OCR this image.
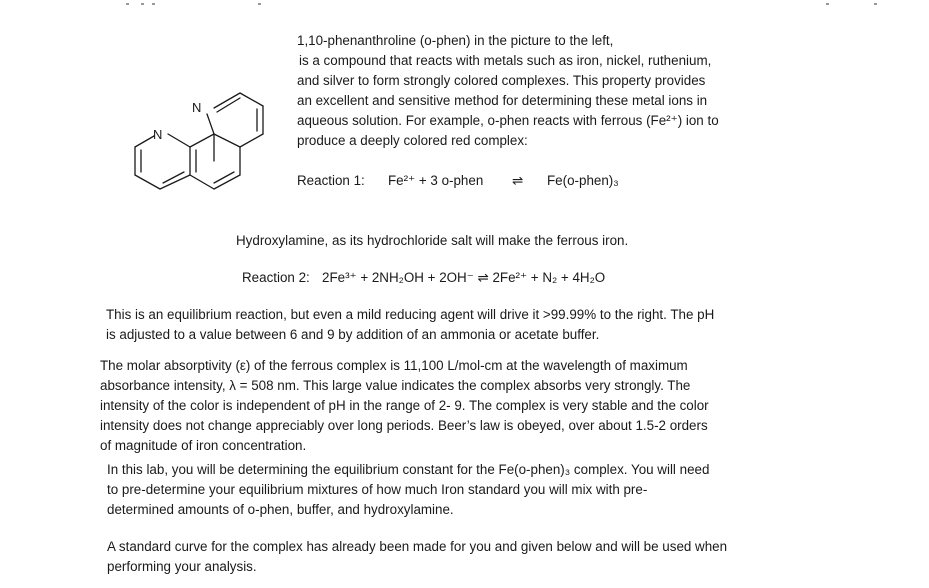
N
N
1,10-phenanthroline (o-phen) in the picture to the left,
is a compound that reacts with metals such as iron, nickel, ruthenium,
and silver to form strongly colored complexes. This property provides
an excellent and sensitive method for determining these metal ions in
aqueous solution. For example, o-phen reacts with ferrous (Fe²⁺) ion to
produce a deeply colored red complex:
Reaction 1: Fe²⁺ + 3 o-phen ⇌ Fe(o-phen)₃

Hydroxylamine, as its hydrochloride salt will make the ferrous iron.

Reaction 2: 2Fe³⁺ + 2NH₂OH + 2OH⁻ ⇌ 2Fe²⁺ + N₂ + 4H₂O
This is an equilibrium reaction, but even a mild reducing agent will drive it >99.99% to the right. The pH
is adjusted to a value between 6 and 9 by addition of an ammonia or acetate buffer.
The molar absorptivity (ε) of the ferrous complex is 11,100 L/mol-cm at the wavelength of maximum
absorbance intensity, λ = 508 nm. This large value indicates the complex absorbs very strongly. The
intensity of the color is independent of pH in the range of 2- 9. The complex is very stable and the color
intensity does not change appreciably over long periods. Beer’s law is obeyed, over about 1.5-2 orders
of magnitude of iron concentration.
In this lab, you will be determining the equilibrium constant for the Fe(o-phen)₃ complex. You will need
to pre-determine your equilibrium mixtures of how much Iron standard you will mix with pre-
determined amounts of o-phen, buffer, and hydroxylamine.
A standard curve for the complex has already been made for you and given below and will be used when
performing your analysis.
